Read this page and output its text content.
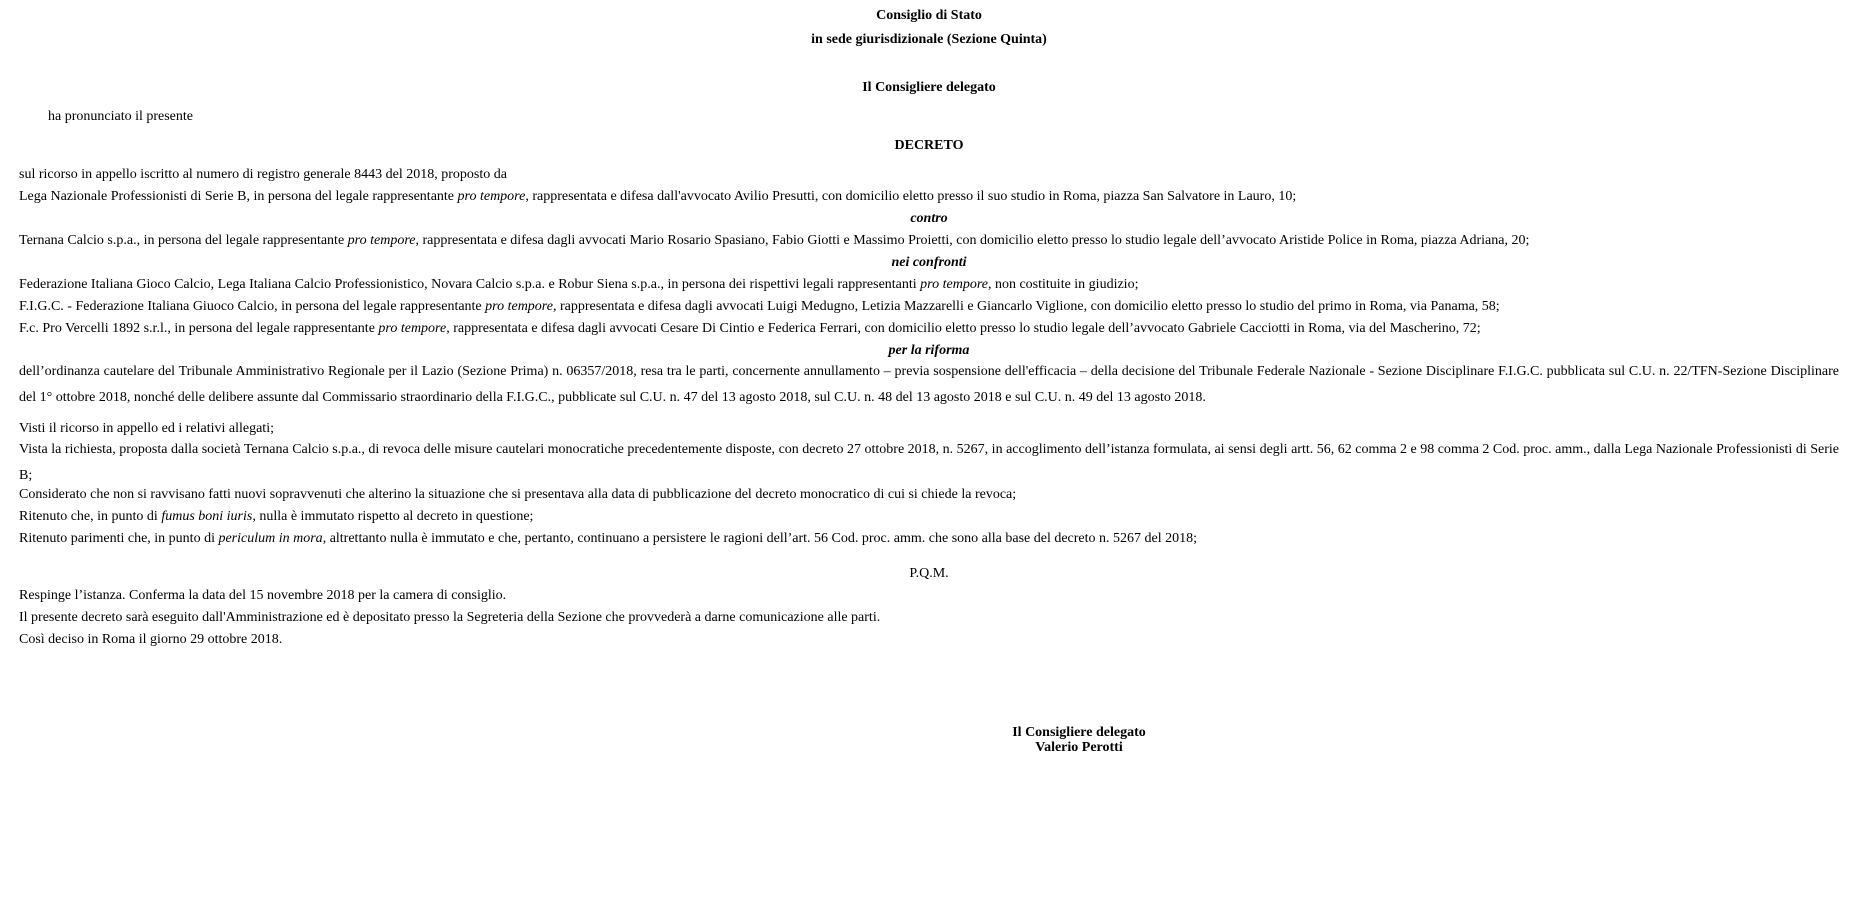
Consiglio di Stato
in sede giurisdizionale (Sezione Quinta)
Il Consigliere delegato
ha pronunciato il presente
DECRETO
sul ricorso in appello iscritto al numero di registro generale 8443 del 2018, proposto da
Lega Nazionale Professionisti di Serie B, in persona del legale rappresentante pro tempore, rappresentata e difesa dall'avvocato Avilio Presutti, con domicilio eletto presso il suo studio in Roma, piazza San Salvatore in Lauro, 10;
contro
Ternana Calcio s.p.a., in persona del legale rappresentante pro tempore, rappresentata e difesa dagli avvocati Mario Rosario Spasiano, Fabio Giotti e Massimo Proietti, con domicilio eletto presso lo studio legale dell’avvocato Aristide Police in Roma, piazza Adriana, 20;
nei confronti
Federazione Italiana Gioco Calcio, Lega Italiana Calcio Professionistico, Novara Calcio s.p.a. e Robur Siena s.p.a., in persona dei rispettivi legali rappresentanti pro tempore, non costituite in giudizio;
F.I.G.C. - Federazione Italiana Giuoco Calcio, in persona del legale rappresentante pro tempore, rappresentata e difesa dagli avvocati Luigi Medugno, Letizia Mazzarelli e Giancarlo Viglione, con domicilio eletto presso lo studio del primo in Roma, via Panama, 58;
F.c. Pro Vercelli 1892 s.r.l., in persona del legale rappresentante pro tempore, rappresentata e difesa dagli avvocati Cesare Di Cintio e Federica Ferrari, con domicilio eletto presso lo studio legale dell’avvocato Gabriele Cacciotti in Roma, via del Mascherino, 72;
per la riforma
dell’ordinanza cautelare del Tribunale Amministrativo Regionale per il Lazio (Sezione Prima) n. 06357/2018, resa tra le parti, concernente annullamento – previa sospensione dell'efficacia – della decisione del Tribunale Federale Nazionale - Sezione Disciplinare F.I.G.C. pubblicata sul C.U. n. 22/TFN-Sezione Disciplinare del 1° ottobre 2018, nonché delle delibere assunte dal Commissario straordinario della F.I.G.C., pubblicate sul C.U. n. 47 del 13 agosto 2018, sul C.U. n. 48 del 13 agosto 2018 e sul C.U. n. 49 del 13 agosto 2018.
Visti il ricorso in appello ed i relativi allegati;
Vista la richiesta, proposta dalla società Ternana Calcio s.p.a., di revoca delle misure cautelari monocratiche precedentemente disposte, con decreto 27 ottobre 2018, n. 5267, in accoglimento dell’istanza formulata, ai sensi degli artt. 56, 62 comma 2 e 98 comma 2 Cod. proc. amm., dalla Lega Nazionale Professionisti di Serie B;
Considerato che non si ravvisano fatti nuovi sopravvenuti che alterino la situazione che si presentava alla data di pubblicazione del decreto monocratico di cui si chiede la revoca;
Ritenuto che, in punto di fumus boni iuris, nulla è immutato rispetto al decreto in questione;
Ritenuto parimenti che, in punto di periculum in mora, altrettanto nulla è immutato e che, pertanto, continuano a persistere le ragioni dell’art. 56 Cod. proc. amm. che sono alla base del decreto n. 5267 del 2018;
P.Q.M.
Respinge l’istanza. Conferma la data del 15 novembre 2018 per la camera di consiglio.
Il presente decreto sarà eseguito dall'Amministrazione ed è depositato presso la Segreteria della Sezione che provvederà a darne comunicazione alle parti.
Così deciso in Roma il giorno 29 ottobre 2018.
Il Consigliere delegato
Valerio Perotti
